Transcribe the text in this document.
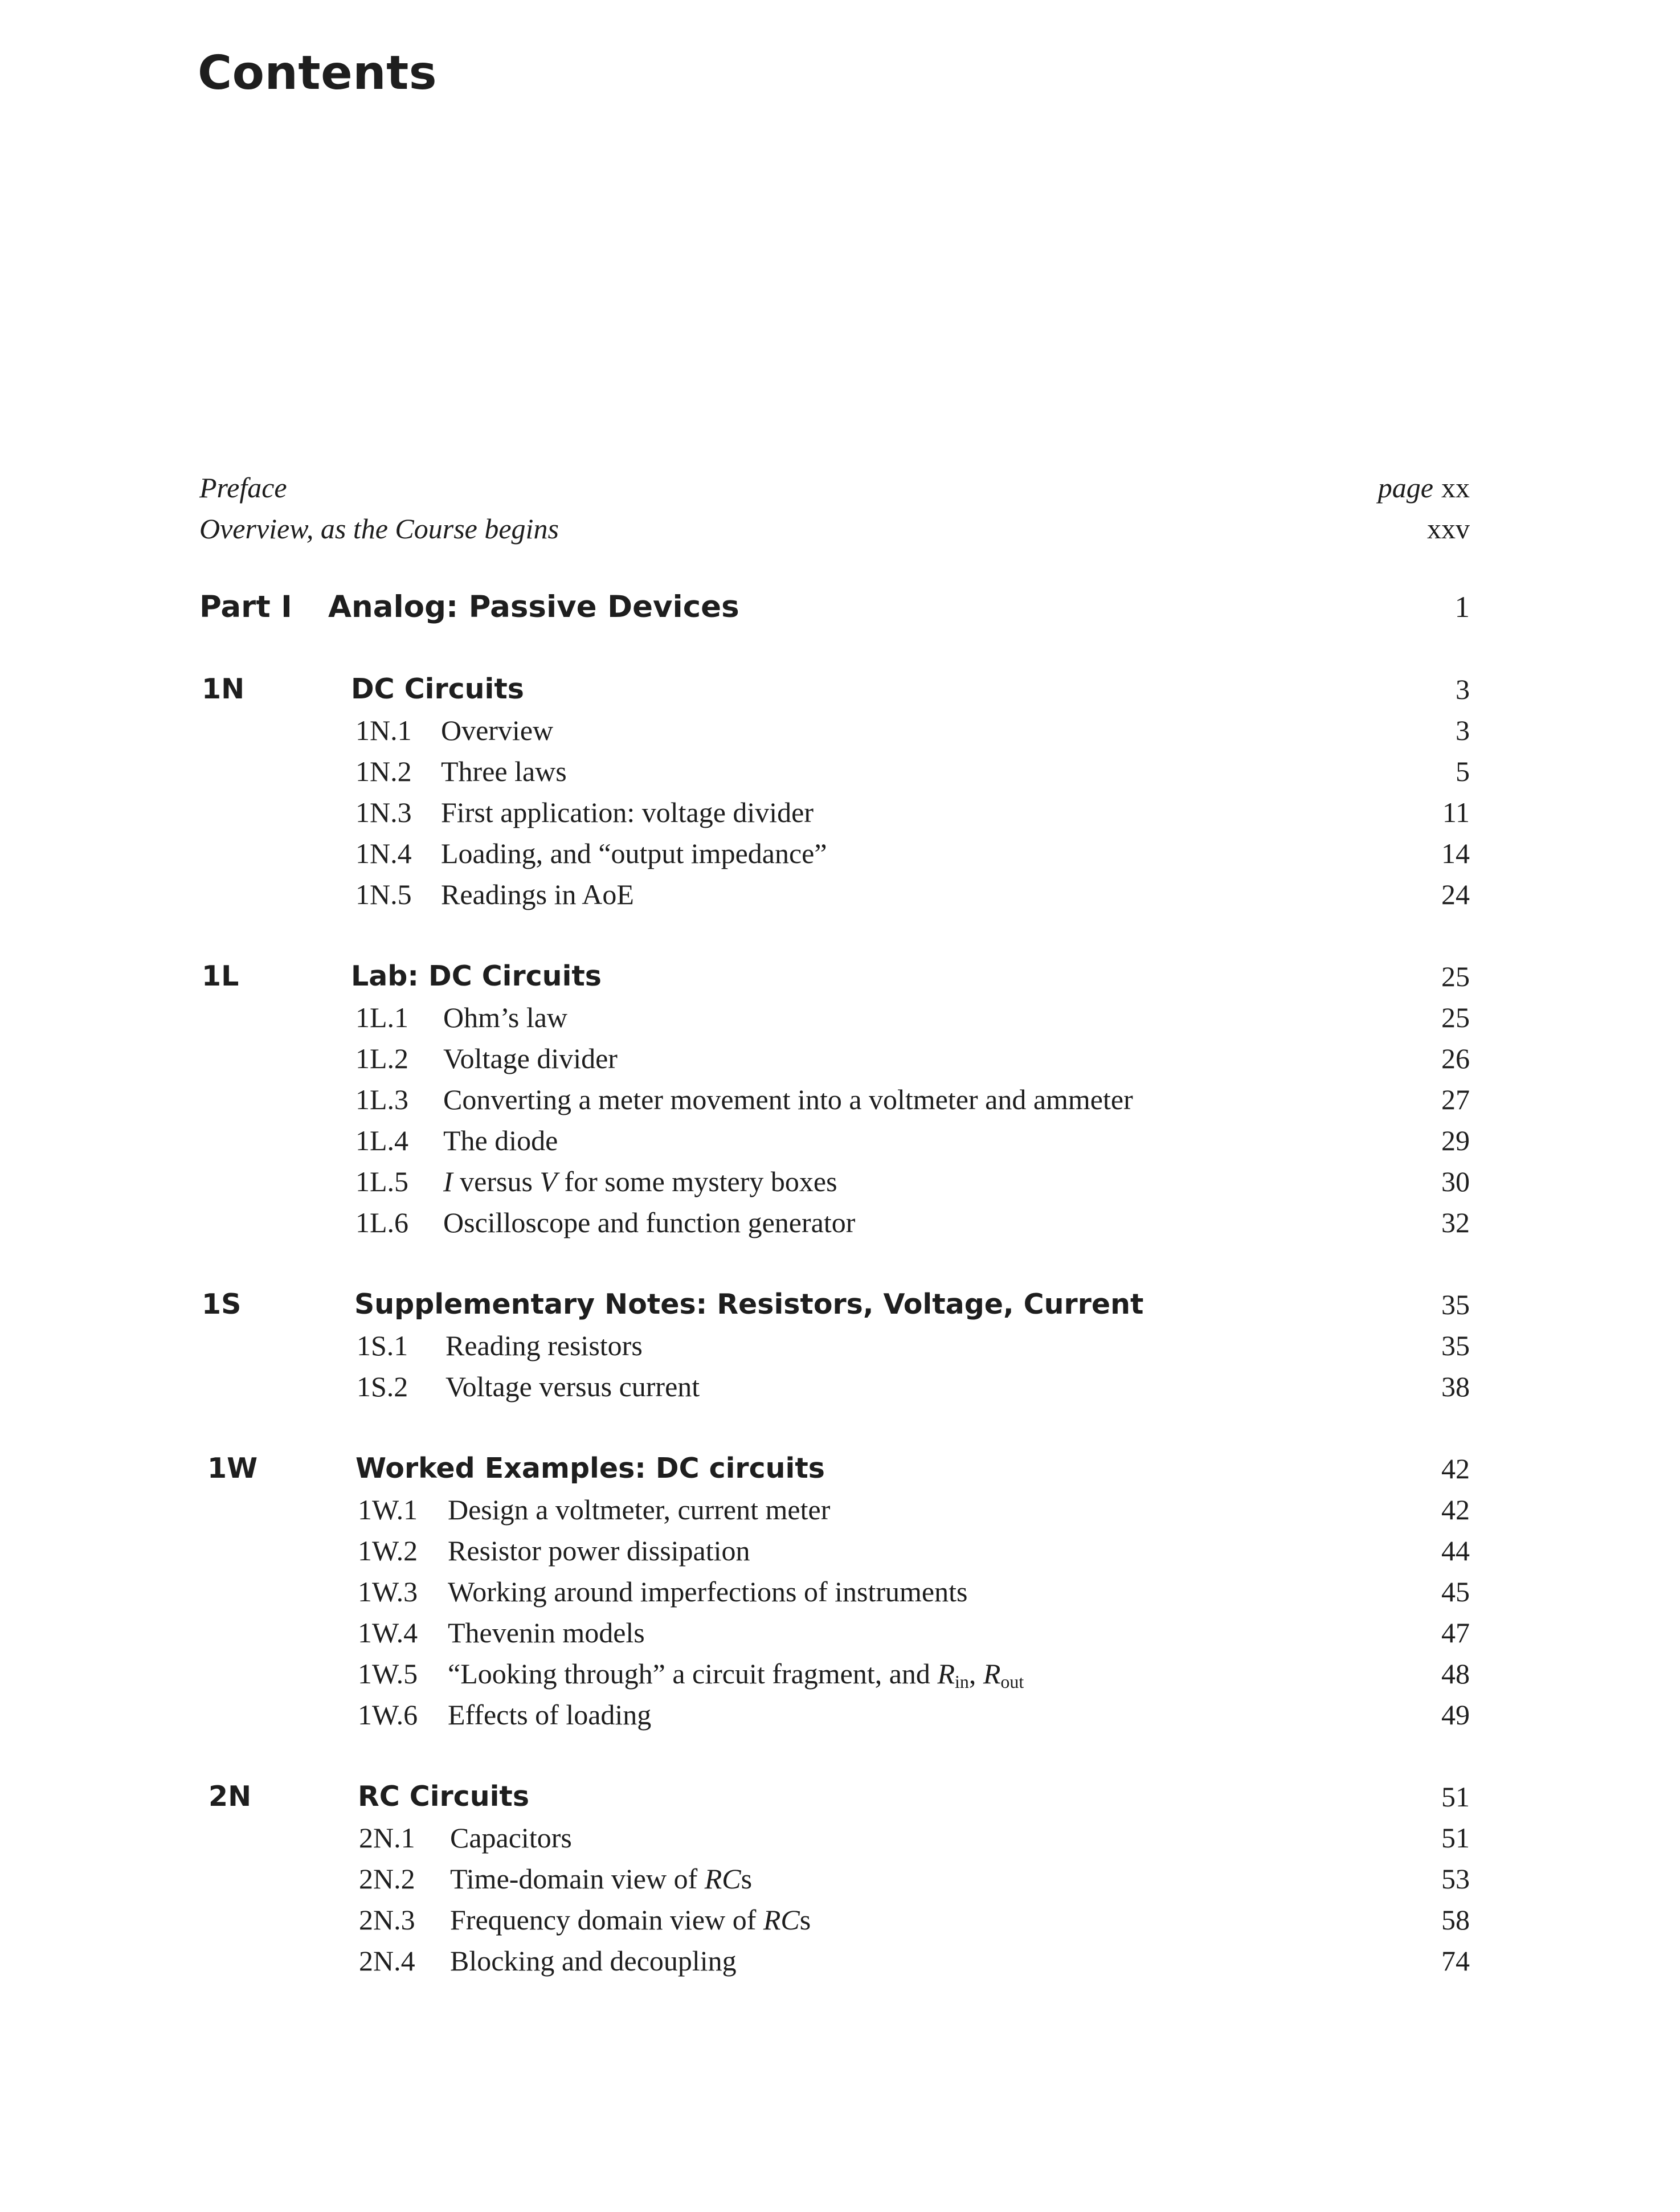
Contents
Preface	page xx
Overview, as the Course begins	xxv
Part I Analog: Passive Devices	1
1N	DC Circuits	3
1N.1 Overview	3
1N.2 Three laws	5
1N.3 First application: voltage divider	11
1N.4 Loading, and “output impedance”	14
1N.5 Readings in AoE	24
1L	Lab: DC Circuits	25
1L.1 Ohm’s law	25
1L.2 Voltage divider	26
1L.3 Converting a meter movement into a voltmeter and ammeter	27
1L.4 The diode	29
1L.5 I versus V for some mystery boxes	30
1L.6 Oscilloscope and function generator	32
1S	Supplementary Notes: Resistors, Voltage, Current	35
1S.1 Reading resistors	35
1S.2 Voltage versus current	38
1W	Worked Examples: DC circuits	42
1W.1 Design a voltmeter, current meter	42
1W.2 Resistor power dissipation	44
1W.3 Working around imperfections of instruments	45
1W.4 Thevenin models	47
1W.5 “Looking through” a circuit fragment, and $R_{in}$, $R_{out}$	48
1W.6 Effects of loading	49
2N	RC Circuits	51
2N.1 Capacitors	51
2N.2 Time-domain view of RCs	53
2N.3 Frequency domain view of RCs	58
2N.4 Blocking and decoupling	74
